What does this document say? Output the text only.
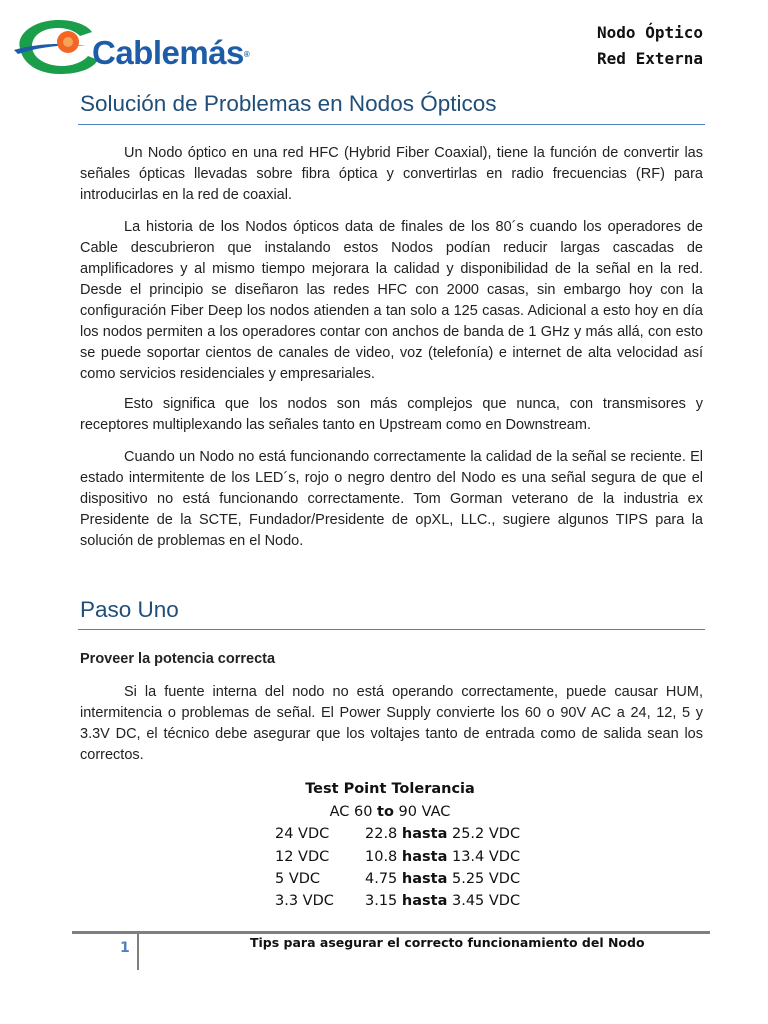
Cablemás®
Nodo Óptico
Red Externa
Solución de Problemas en Nodos Ópticos

Un Nodo óptico en una red HFC (Hybrid Fiber Coaxial), tiene la función de convertir las señales ópticas llevadas sobre fibra óptica y convertirlas en radio frecuencias (RF) para introducirlas en la red de coaxial.

La historia de los Nodos ópticos data de finales de los 80´s cuando los operadores de Cable descubrieron que instalando estos Nodos podían reducir largas cascadas de amplificadores y al mismo tiempo mejorara la calidad y disponibilidad de la señal en la red. Desde el principio se diseñaron las redes HFC con 2000 casas, sin embargo hoy con la configuración Fiber Deep los nodos atienden a tan solo a 125 casas. Adicional a esto hoy en día los nodos permiten a los operadores contar con anchos de banda de 1 GHz y más allá, con esto se puede soportar cientos de canales de video, voz (telefonía) e internet de alta velocidad así como servicios residenciales y empresariales.

Esto significa que los nodos son más complejos que nunca, con transmisores y receptores multiplexando las señales tanto en Upstream como en Downstream.

Cuando un Nodo no está funcionando correctamente la calidad de la señal se reciente. El estado intermitente de los LED´s, rojo o negro dentro del Nodo es una señal segura de que el dispositivo no está funcionando correctamente. Tom Gorman veterano de la industria ex Presidente de la SCTE, Fundador/Presidente de opXL, LLC., sugiere algunos TIPS para la solución de problemas en el Nodo.

Paso Uno

Proveer la potencia correcta

Si la fuente interna del nodo no está operando correctamente, puede causar HUM, intermitencia o problemas de señal. El Power Supply convierte los 60 o 90V AC a 24, 12, 5 y 3.3V DC, el técnico debe asegurar que los voltajes tanto de entrada como de salida sean los correctos.

Test Point Tolerancia
AC 60 to 90 VAC
24 VDC 22.8 hasta 25.2 VDC
12 VDC 10.8 hasta 13.4 VDC
5 VDC	4.75 hasta 5.25 VDC
3.3 VDC 3.15 hasta 3.45 VDC
1	Tips para asegurar el correcto funcionamiento del Nodo
